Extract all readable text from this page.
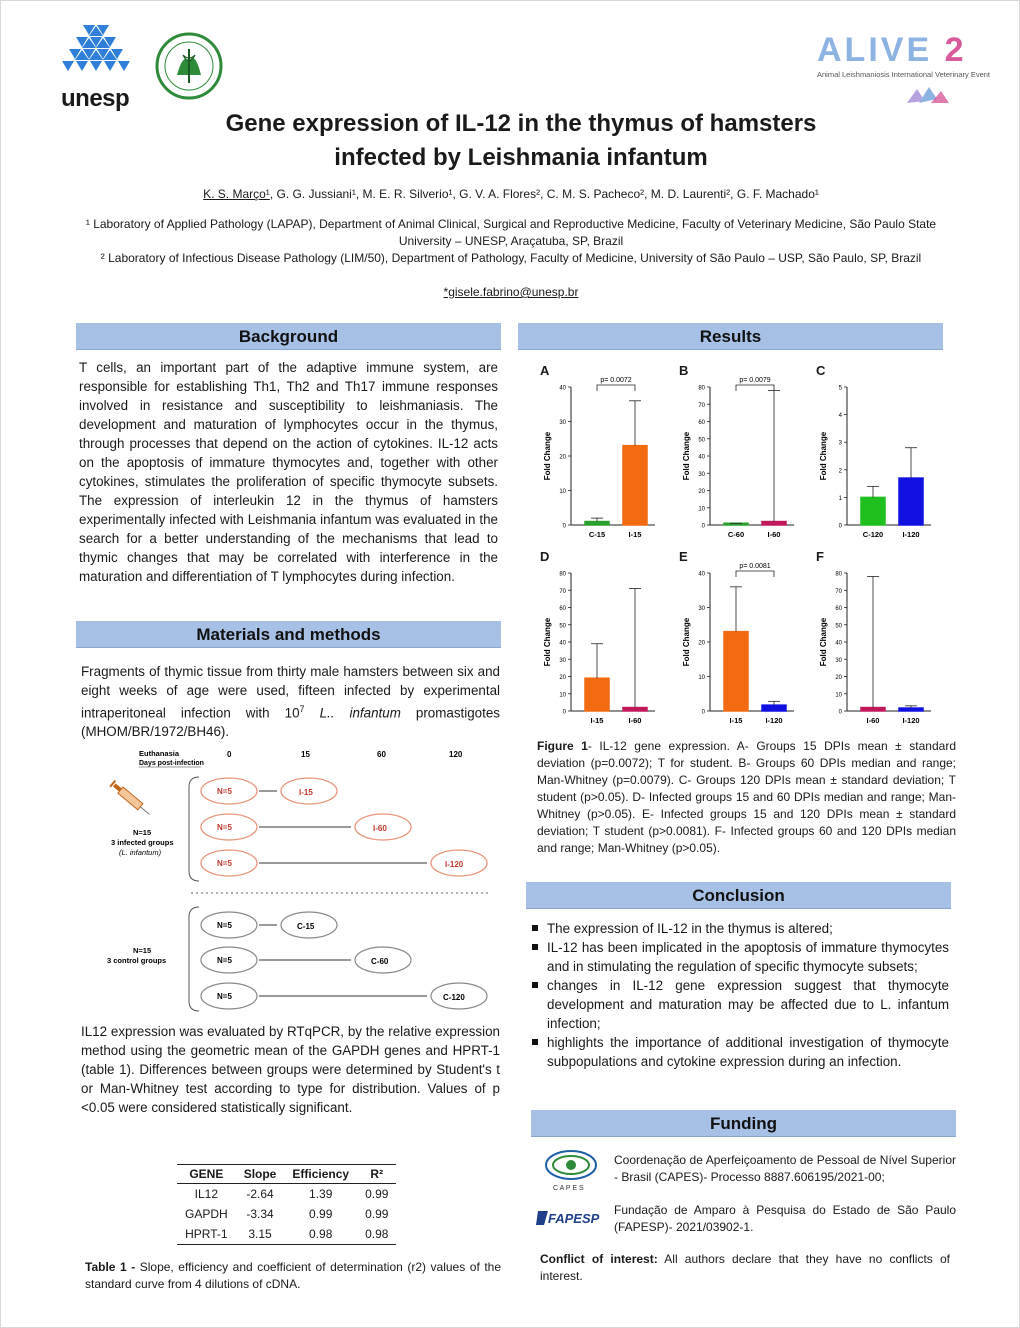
unesp
ALIVE 2
Animal Leishmaniosis International Veterinary Event
Gene expression of IL-12 in the thymus of hamsters
infected by Leishmania infantum
K. S. Março¹, G. G. Jussiani¹, M. E. R. Silverio¹, G. V. A. Flores², C. M. S. Pacheco², M. D. Laurenti², G. F. Machado¹
¹ Laboratory of Applied Pathology (LAPAP), Department of Animal Clinical, Surgical and Reproductive Medicine, Faculty of Veterinary Medicine, São Paulo State University – UNESP, Araçatuba, SP, Brazil
² Laboratory of Infectious Disease Pathology (LIM/50), Department of Pathology, Faculty of Medicine, University of São Paulo – USP, São Paulo, SP, Brazil
*gisele.fabrino@unesp.br
Background
T cells, an important part of the adaptive immune system, are responsible for establishing Th1, Th2 and Th17 immune responses involved in resistance and susceptibility to leishmaniasis. The development and maturation of lymphocytes occur in the thymus, through processes that depend on the action of cytokines. IL-12 acts on the apoptosis of immature thymocytes and, together with other cytokines, stimulates the proliferation of specific thymocyte subsets. The expression of interleukin 12 in the thymus of hamsters experimentally infected with Leishmania infantum was evaluated in the search for a better understanding of the mechanisms that lead to thymic changes that may be correlated with interference in the maturation and differentiation of T lymphocytes during infection.
Materials and methods
Fragments of thymic tissue from thirty male hamsters between six and eight weeks of age were used, fifteen infected by experimental intraperitoneal infection with $10^7$ L.. infantum promastigotes (MHOM/BR/1972/BH46).
Euthanasia
Days post-infection
0	15	60	120
N=15
3 infected groups
(L. infantum)
N=5	I-15
N=5	I-60
N=5	I-120
N=15
3 control groups
N=5	C-15
N=5	C-60
N=5	C-120
IL12 expression was evaluated by RTqPCR, by the relative expression method using the geometric mean of the GAPDH genes and HPRT-1 (table 1). Differences between groups were determined by Student's t or Man-Whitney test according to type for distribution. Values of p <0.05 were considered statistically significant.
GENE	Slope	Efficiency	R²
IL12	-2.64	1.39	0.99
GAPDH	-3.34	0.99	0.99
HPRT-1	3.15	0.98	0.98
Table 1 - Slope, efficiency and coefficient of determination (r2) values of the standard curve from 4 dilutions of cDNA.
Results
A
0
10
20
30
40
Fold Change
C-15	I-15
p= 0.0072
B
0
10
20
30
40
50
60
70
80
Fold Change
C-60	I-60
p= 0.0079
C
0
1
2
3
4
5
Fold Change
C-120	I-120
D
0
10
20
30
40
50
60
70
80
Fold Change
I-15	I-60
E
0
10
20
30
40
Fold Change
I-15	I-120
p= 0.0081
F
0
10
20
30
40
50
60
70
80
Fold Change
I-60	I-120
Figure 1- IL-12 gene expression. A- Groups 15 DPIs mean ± standard deviation (p=0.0072); T for student. B- Groups 60 DPIs median and range; Man-Whitney (p=0.0079). C- Groups 120 DPIs mean ± standard deviation; T student (p>0.05). D- Infected groups 15 and 60 DPIs median and range; Man-Whitney (p>0.05). E- Infected groups 15 and 120 DPIs mean ± standard deviation; T student (p>0.0081). F- Infected groups 60 and 120 DPIs median and range; Man-Whitney (p>0.05).
Conclusion
The expression of IL-12 in the thymus is altered;
IL-12 has been implicated in the apoptosis of immature thymocytes and in stimulating the regulation of specific thymocyte subsets;
changes in IL-12 gene expression suggest that thymocyte development and maturation may be affected due to L. infantum infection;
highlights the importance of additional investigation of thymocyte subpopulations and cytokine expression during an infection.
Funding
C A P E S
Coordenação de Aperfeiçoamento de Pessoal de Nível Superior - Brasil (CAPES)- Processo 8887.606195/2021-00;
FAPESP
Fundação de Amparo à Pesquisa do Estado de São Paulo (FAPESP)- 2021/03902-1.
Conflict of interest: All authors declare that they have no conflicts of interest.
